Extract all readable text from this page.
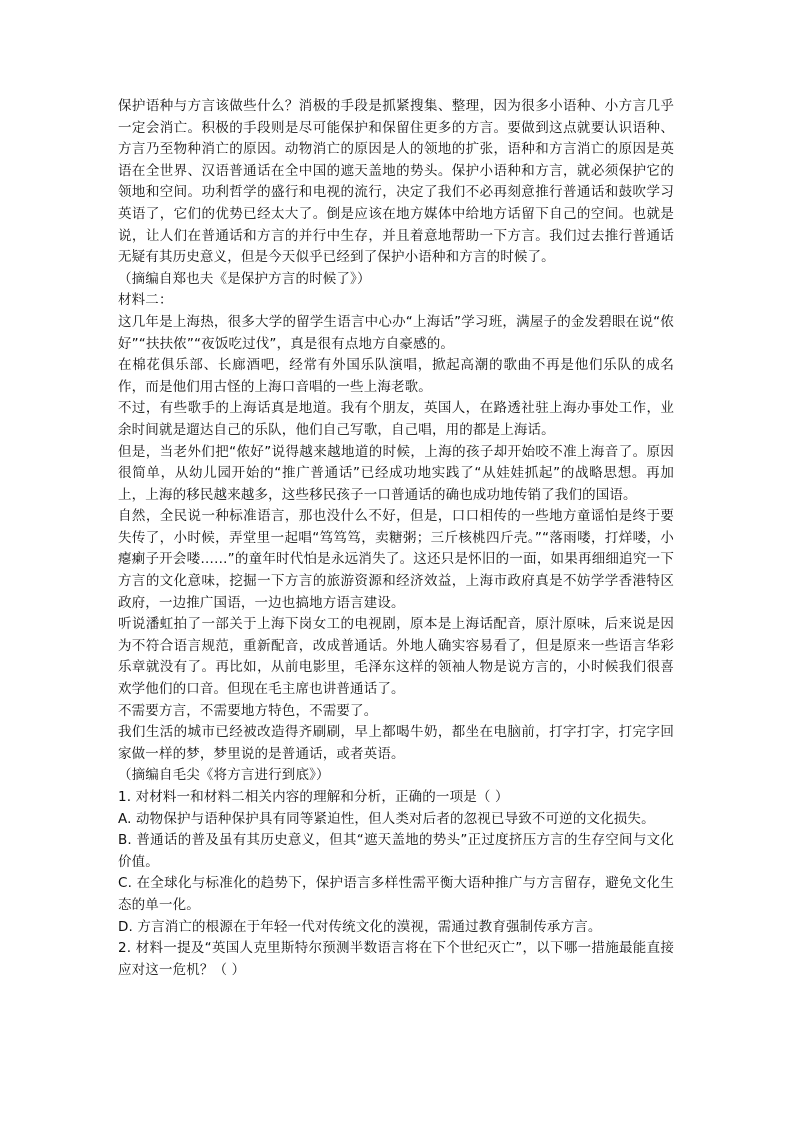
保护语种与方言该做些什么？消极的手段是抓紧搜集、整理，因为很多小语种、小方言几乎一定会消亡。积极的手段则是尽可能保护和保留住更多的方言。要做到这点就要认识语种、方言乃至物种消亡的原因。动物消亡的原因是人的领地的扩张，语种和方言消亡的原因是英语在全世界、汉语普通话在全中国的遮天盖地的势头。保护小语种和方言，就必须保护它的领地和空间。功利哲学的盛行和电视的流行，决定了我们不必再刻意推行普通话和鼓吹学习英语了，它们的优势已经太大了。倒是应该在地方媒体中给地方话留下自己的空间。也就是说，让人们在普通话和方言的并行中生存，并且着意地帮助一下方言。我们过去推行普通话无疑有其历史意义，但是今天似乎已经到了保护小语种和方言的时候了。

（摘编自郑也夫《是保护方言的时候了》）

材料二：

这几年是上海热，很多大学的留学生语言中心办“上海话”学习班，满屋子的金发碧眼在说“侬好”“扶扶侬”“夜饭吃过伐”，真是很有点地方自豪感的。

在棉花俱乐部、长廊酒吧，经常有外国乐队演唱，掀起高潮的歌曲不再是他们乐队的成名作，而是他们用古怪的上海口音唱的一些上海老歌。

不过，有些歌手的上海话真是地道。我有个朋友，英国人，在路透社驻上海办事处工作，业余时间就是遛达自己的乐队，他们自己写歌，自己唱，用的都是上海话。

但是，当老外们把“侬好”说得越来越地道的时候，上海的孩子却开始咬不准上海音了。原因很简单，从幼儿园开始的“推广普通话”已经成功地实践了“从娃娃抓起”的战略思想。再加上，上海的移民越来越多，这些移民孩子一口普通话的确也成功地传销了我们的国语。

自然，全民说一种标准语言，那也没什么不好，但是，口口相传的一些地方童谣怕是终于要失传了，小时候，弄堂里一起唱“笃笃笃，卖糖粥；三斤核桃四斤壳。”“落雨喽，打烊喽，小瘪瘌子开会喽……”的童年时代怕是永远消失了。这还只是怀旧的一面，如果再细细追究一下方言的文化意味，挖掘一下方言的旅游资源和经济效益，上海市政府真是不妨学学香港特区政府，一边推广国语，一边也搞地方语言建设。

听说潘虹拍了一部关于上海下岗女工的电视剧，原本是上海话配音，原汁原味，后来说是因为不符合语言规范，重新配音，改成普通话。外地人确实容易看了，但是原来一些语言华彩乐章就没有了。再比如，从前电影里，毛泽东这样的领袖人物是说方言的，小时候我们很喜欢学他们的口音。但现在毛主席也讲普通话了。

不需要方言，不需要地方特色，不需要了。

我们生活的城市已经被改造得齐刷刷，早上都喝牛奶，都坐在电脑前，打字打字，打完字回家做一样的梦，梦里说的是普通话，或者英语。

（摘编自毛尖《将方言进行到底》）

1. 对材料一和材料二相关内容的理解和分析，正确的一项是（ ）

A. 动物保护与语种保护具有同等紧迫性，但人类对后者的忽视已导致不可逆的文化损失。

B. 普通话的普及虽有其历史意义，但其“遮天盖地的势头”正过度挤压方言的生存空间与文化价值。

C. 在全球化与标准化的趋势下，保护语言多样性需平衡大语种推广与方言留存，避免文化生态的单一化。

D. 方言消亡的根源在于年轻一代对传统文化的漠视，需通过教育强制传承方言。

2. 材料一提及“英国人克里斯特尔预测半数语言将在下个世纪灭亡”，以下哪一措施最能直接应对这一危机？（ ）
